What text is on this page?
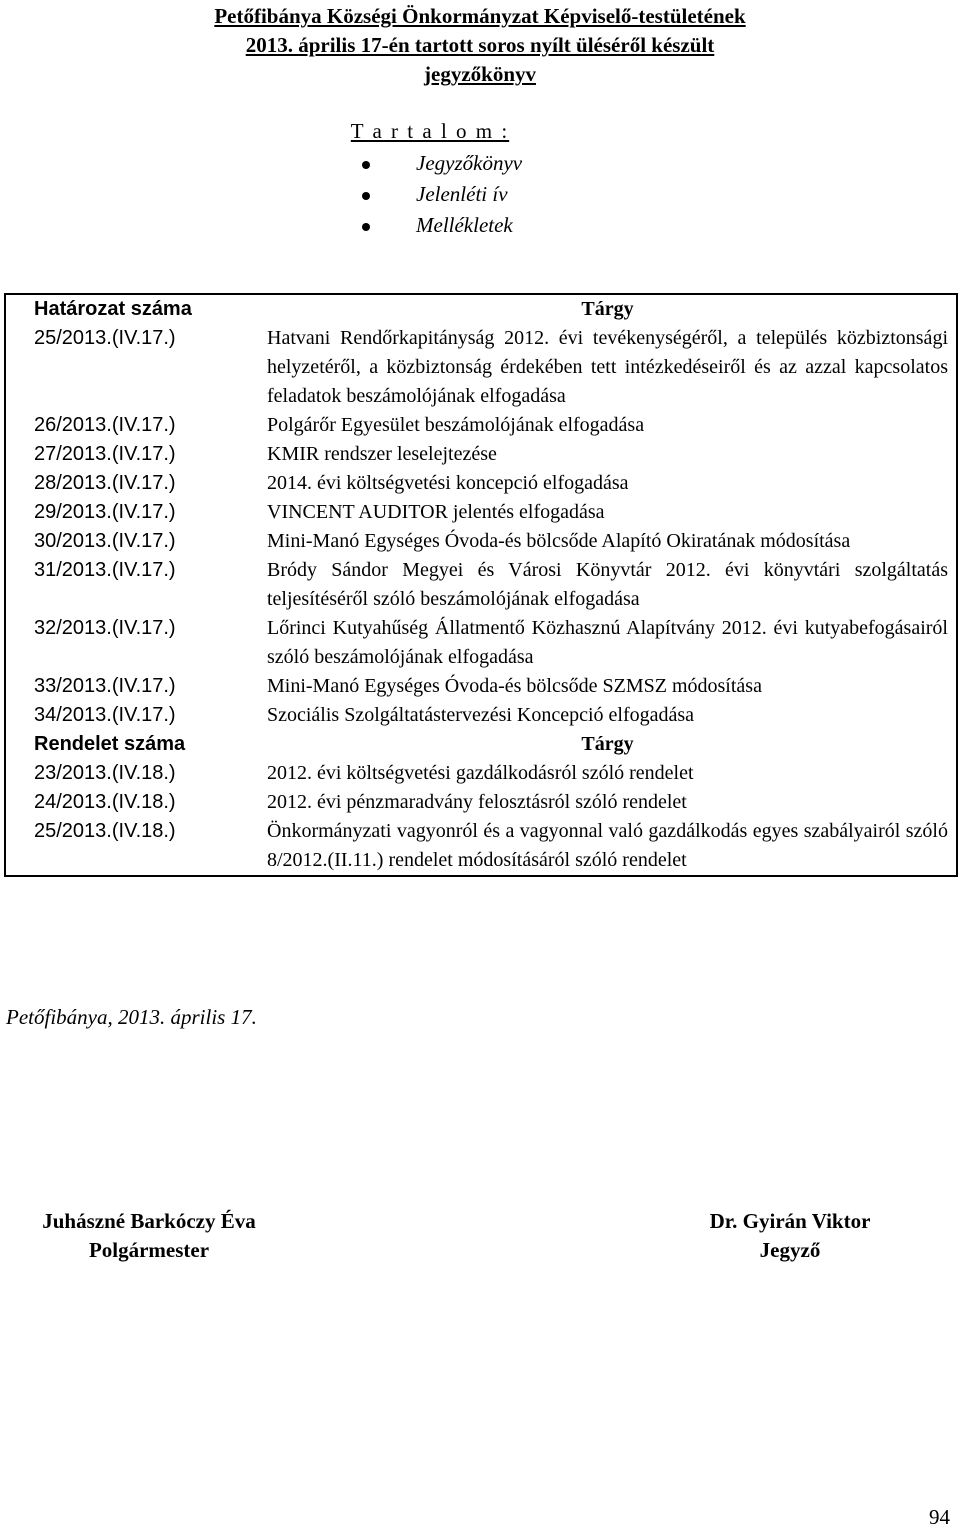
Petőfibánya Községi Önkormányzat Képviselő-testületének
2013. április 17-én tartott soros nyílt üléséről készült
jegyzőkönyv
T a r t a l o m :
Jegyzőkönyv
Jelenléti ív
Mellékletek
Határozat száma	Tárgy
25/2013.(IV.17.)	Hatvani Rendőrkapitányság 2012. évi tevékenységéről, a település közbiztonsági helyzetéről, a közbiztonság érdekében tett intézkedéseiről és az azzal kapcsolatos feladatok beszámolójának elfogadása
26/2013.(IV.17.)	Polgárőr Egyesület beszámolójának elfogadása
27/2013.(IV.17.)	KMIR rendszer leselejtezése
28/2013.(IV.17.)	2014. évi költségvetési koncepció elfogadása
29/2013.(IV.17.)	VINCENT AUDITOR jelentés elfogadása
30/2013.(IV.17.)	Mini-Manó Egységes Óvoda-és bölcsőde Alapító Okiratának módosítása
31/2013.(IV.17.)	Bródy Sándor Megyei és Városi Könyvtár 2012. évi könyvtári szolgáltatás teljesítéséről szóló beszámolójának elfogadása
32/2013.(IV.17.)	Lőrinci Kutyahűség Állatmentő Közhasznú Alapítvány 2012. évi kutyabefogásairól szóló beszámolójának elfogadása
33/2013.(IV.17.)	Mini-Manó Egységes Óvoda-és bölcsőde SZMSZ módosítása
34/2013.(IV.17.)	Szociális Szolgáltatástervezési Koncepció elfogadása
Rendelet száma	Tárgy
23/2013.(IV.18.)	2012. évi költségvetési gazdálkodásról szóló rendelet
24/2013.(IV.18.)	2012. évi pénzmaradvány felosztásról szóló rendelet
25/2013.(IV.18.)	Önkormányzati vagyonról és a vagyonnal való gazdálkodás egyes szabályairól szóló 8/2012.(II.11.) rendelet módosításáról szóló rendelet
Petőfibánya, 2013. április 17.
Juhászné Barkóczy Éva
Polgármester
Dr. Gyirán Viktor
Jegyző
94
